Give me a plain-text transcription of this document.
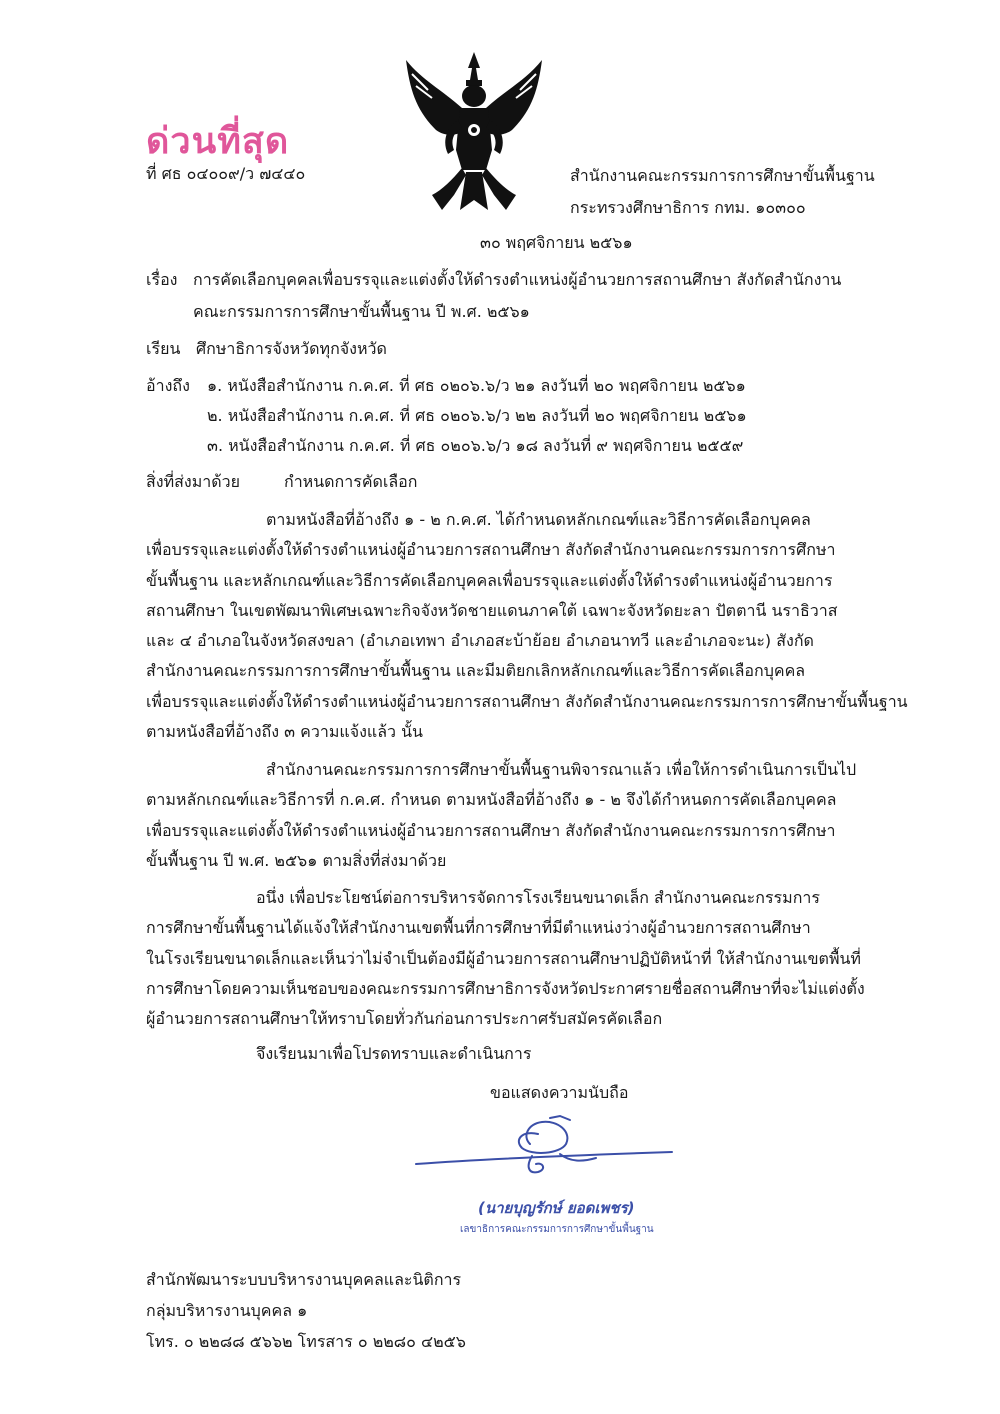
ด่วนที่สุด
ที่ ศธ ๐๔๐๐๙/ว ๗๔๔๐	สำนักงานคณะกรรมการการศึกษาขั้นพื้นฐาน
กระทรวงศึกษาธิการ กทม. ๑๐๓๐๐
๓๐ พฤศจิกายน ๒๕๖๑
เรื่อง การคัดเลือกบุคคลเพื่อบรรจุและแต่งตั้งให้ดำรงตำแหน่งผู้อำนวยการสถานศึกษา สังกัดสำนักงาน
คณะกรรมการการศึกษาขั้นพื้นฐาน ปี พ.ศ. ๒๕๖๑
เรียน ศึกษาธิการจังหวัดทุกจังหวัด
อ้างถึง ๑. หนังสือสำนักงาน ก.ค.ศ. ที่ ศธ ๐๒๐๖.๖/ว ๒๑ ลงวันที่ ๒๐ พฤศจิกายน ๒๕๖๑
๒. หนังสือสำนักงาน ก.ค.ศ. ที่ ศธ ๐๒๐๖.๖/ว ๒๒ ลงวันที่ ๒๐ พฤศจิกายน ๒๕๖๑
๓. หนังสือสำนักงาน ก.ค.ศ. ที่ ศธ ๐๒๐๖.๖/ว ๑๘ ลงวันที่ ๙ พฤศจิกายน ๒๕๕๙
สิ่งที่ส่งมาด้วย	กำหนดการคัดเลือก
ตามหนังสือที่อ้างถึง ๑ - ๒ ก.ค.ศ. ได้กำหนดหลักเกณฑ์และวิธีการคัดเลือกบุคคล
เพื่อบรรจุและแต่งตั้งให้ดำรงตำแหน่งผู้อำนวยการสถานศึกษา สังกัดสำนักงานคณะกรรมการการศึกษา
ขั้นพื้นฐาน และหลักเกณฑ์และวิธีการคัดเลือกบุคคลเพื่อบรรจุและแต่งตั้งให้ดำรงตำแหน่งผู้อำนวยการ
สถานศึกษา ในเขตพัฒนาพิเศษเฉพาะกิจจังหวัดชายแดนภาคใต้ เฉพาะจังหวัดยะลา ปัตตานี นราธิวาส
และ ๔ อำเภอในจังหวัดสงขลา (อำเภอเทพา อำเภอสะบ้าย้อย อำเภอนาทวี และอำเภอจะนะ) สังกัด
สำนักงานคณะกรรมการการศึกษาขั้นพื้นฐาน และมีมติยกเลิกหลักเกณฑ์และวิธีการคัดเลือกบุคคล
เพื่อบรรจุและแต่งตั้งให้ดำรงตำแหน่งผู้อำนวยการสถานศึกษา สังกัดสำนักงานคณะกรรมการการศึกษาขั้นพื้นฐาน
ตามหนังสือที่อ้างถึง ๓ ความแจ้งแล้ว นั้น
สำนักงานคณะกรรมการการศึกษาขั้นพื้นฐานพิจารณาแล้ว เพื่อให้การดำเนินการเป็นไป
ตามหลักเกณฑ์และวิธีการที่ ก.ค.ศ. กำหนด ตามหนังสือที่อ้างถึง ๑ - ๒ จึงได้กำหนดการคัดเลือกบุคคล
เพื่อบรรจุและแต่งตั้งให้ดำรงตำแหน่งผู้อำนวยการสถานศึกษา สังกัดสำนักงานคณะกรรมการการศึกษา
ขั้นพื้นฐาน ปี พ.ศ. ๒๕๖๑ ตามสิ่งที่ส่งมาด้วย
อนึ่ง เพื่อประโยชน์ต่อการบริหารจัดการโรงเรียนขนาดเล็ก สำนักงานคณะกรรมการ
การศึกษาขั้นพื้นฐานได้แจ้งให้สำนักงานเขตพื้นที่การศึกษาที่มีตำแหน่งว่างผู้อำนวยการสถานศึกษา
ในโรงเรียนขนาดเล็กและเห็นว่าไม่จำเป็นต้องมีผู้อำนวยการสถานศึกษาปฏิบัติหน้าที่ ให้สำนักงานเขตพื้นที่
การศึกษาโดยความเห็นชอบของคณะกรรมการศึกษาธิการจังหวัดประกาศรายชื่อสถานศึกษาที่จะไม่แต่งตั้ง
ผู้อำนวยการสถานศึกษาให้ทราบโดยทั่วกันก่อนการประกาศรับสมัครคัดเลือก
จึงเรียนมาเพื่อโปรดทราบและดำเนินการ
ขอแสดงความนับถือ
(นายบุญรักษ์ ยอดเพชร)
เลขาธิการคณะกรรมการการศึกษาขั้นพื้นฐาน
สำนักพัฒนาระบบบริหารงานบุคคลและนิติการ
กลุ่มบริหารงานบุคคล ๑
โทร. ๐ ๒๒๘๘ ๕๖๖๒ โทรสาร ๐ ๒๒๘๐ ๔๒๕๖
